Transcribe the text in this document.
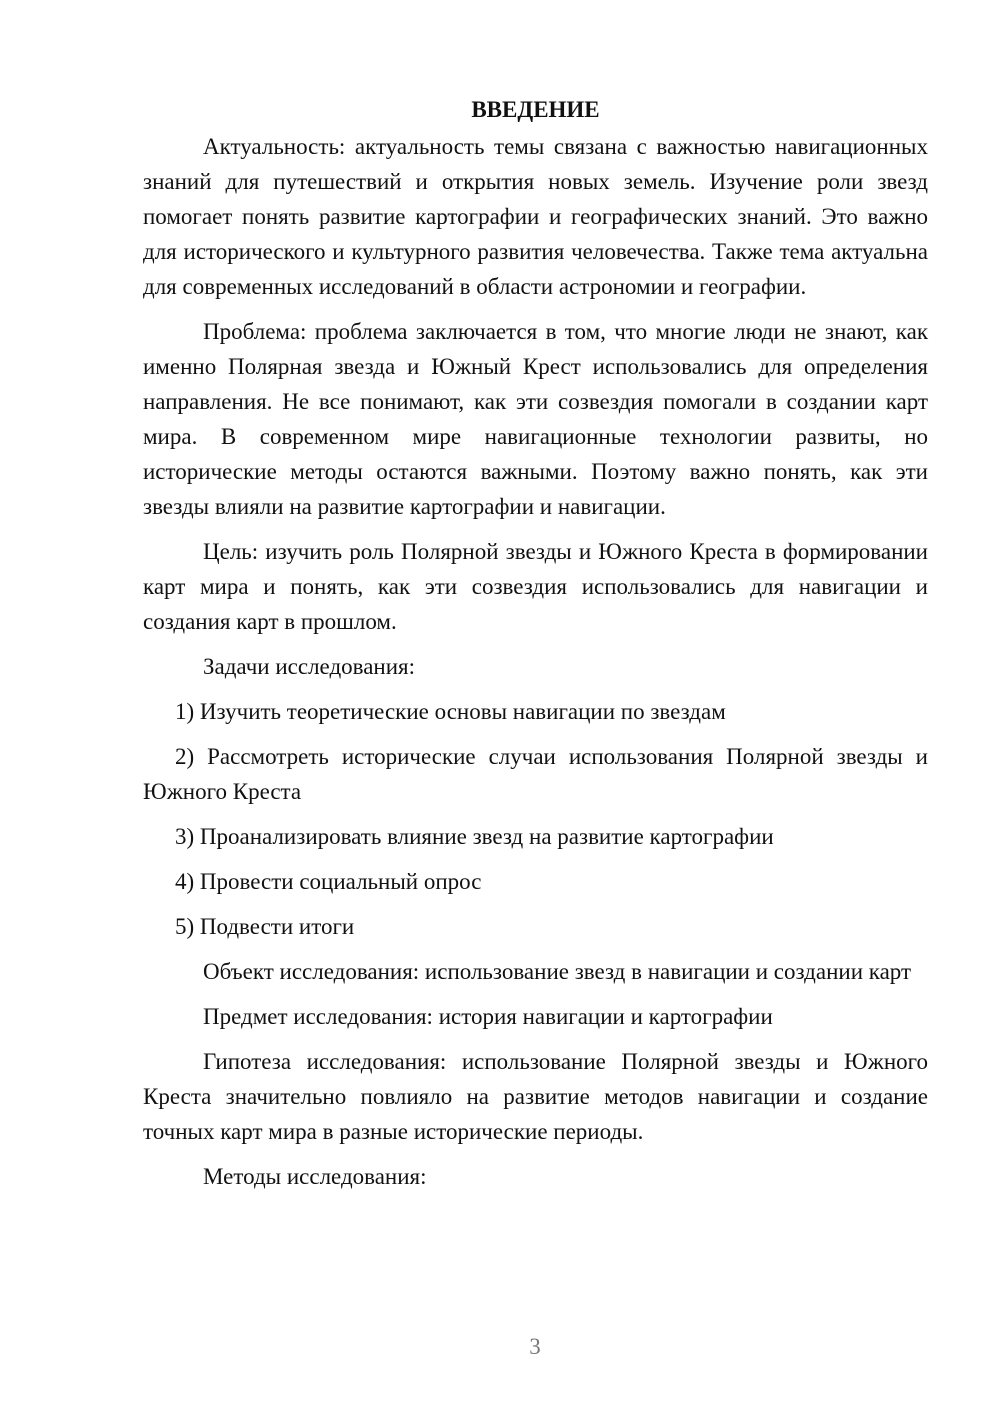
ВВЕДЕНИЕ

Актуальность: актуальность темы связана с важностью навигационных знаний для путешествий и открытия новых земель. Изучение роли звезд помогает понять развитие картографии и географических знаний. Это важно для исторического и культурного развития человечества. Также тема актуальна для современных исследований в области астрономии и географии.

Проблема: проблема заключается в том, что многие люди не знают, как именно Полярная звезда и Южный Крест использовались для определения направления. Не все понимают, как эти созвездия помогали в создании карт мира. В современном мире навигационные технологии развиты, но исторические методы остаются важными. Поэтому важно понять, как эти звезды влияли на развитие картографии и навигации.

Цель: изучить роль Полярной звезды и Южного Креста в формировании карт мира и понять, как эти созвездия использовались для навигации и создания карт в прошлом.

Задачи исследования:

1) Изучить теоретические основы навигации по звездам

2) Рассмотреть исторические случаи использования Полярной звезды и Южного Креста

3) Проанализировать влияние звезд на развитие картографии

4) Провести социальный опрос

5) Подвести итоги

Объект исследования: использование звезд в навигации и создании карт

Предмет исследования: история навигации и картографии

Гипотеза исследования: использование Полярной звезды и Южного Креста значительно повлияло на развитие методов навигации и создание точных карт мира в разные исторические периоды.

Методы исследования:

3
